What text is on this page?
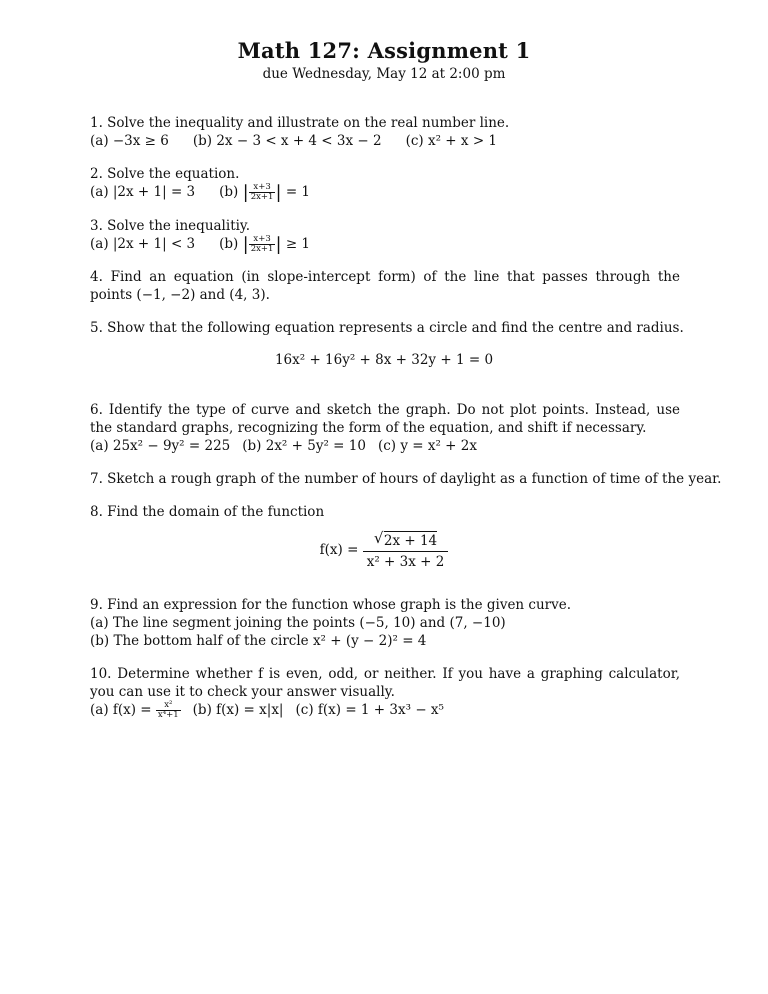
Math 127: Assignment 1
due Wednesday, May 12 at 2:00 pm
1. Solve the inequality and illustrate on the real number line.
(a) −3x ≥ 6 (b) 2x − 3 < x + 4 < 3x − 2 (c) x² + x > 1
2. Solve the equation.
(a) |2x + 1| = 3 (b) | $\frac{x+3}{2x+1}$ | = 1
3. Solve the inequalitiy.
(a) |2x + 1| < 3 (b) | $\frac{x+3}{2x+1}$ | ≥ 1
4. Find an equation (in slope-intercept form) of the line that passes through the points (−1, −2) and (4, 3).
5. Show that the following equation represents a circle and find the centre and radius.
16x² + 16y² + 8x + 32y + 1 = 0
6. Identify the type of curve and sketch the graph. Do not plot points. Instead, use the standard graphs, recognizing the form of the equation, and shift if necessary.
(a) 25x² − 9y² = 225 (b) 2x² + 5y² = 10 (c) y = x² + 2x
7. Sketch a rough graph of the number of hours of daylight as a function of time of the year.
8. Find the domain of the function
$f(x) = \frac{√ 2x + 14}{\text{x² + 3x + 2}}$
9. Find an expression for the function whose graph is the given curve.
(a) The line segment joining the points (−5, 10) and (7, −10)
(b) The bottom half of the circle x² + (y − 2)² = 4
10. Determine whether f is even, odd, or neither. If you have a graphing calculator, you can use it to check your answer visually.
(a) $f(x) = \frac{\text{x²}}{\text{x⁴+1}} (b) f(x) = x|x|$ (c) f(x) = 1 + 3x³ − x⁵
